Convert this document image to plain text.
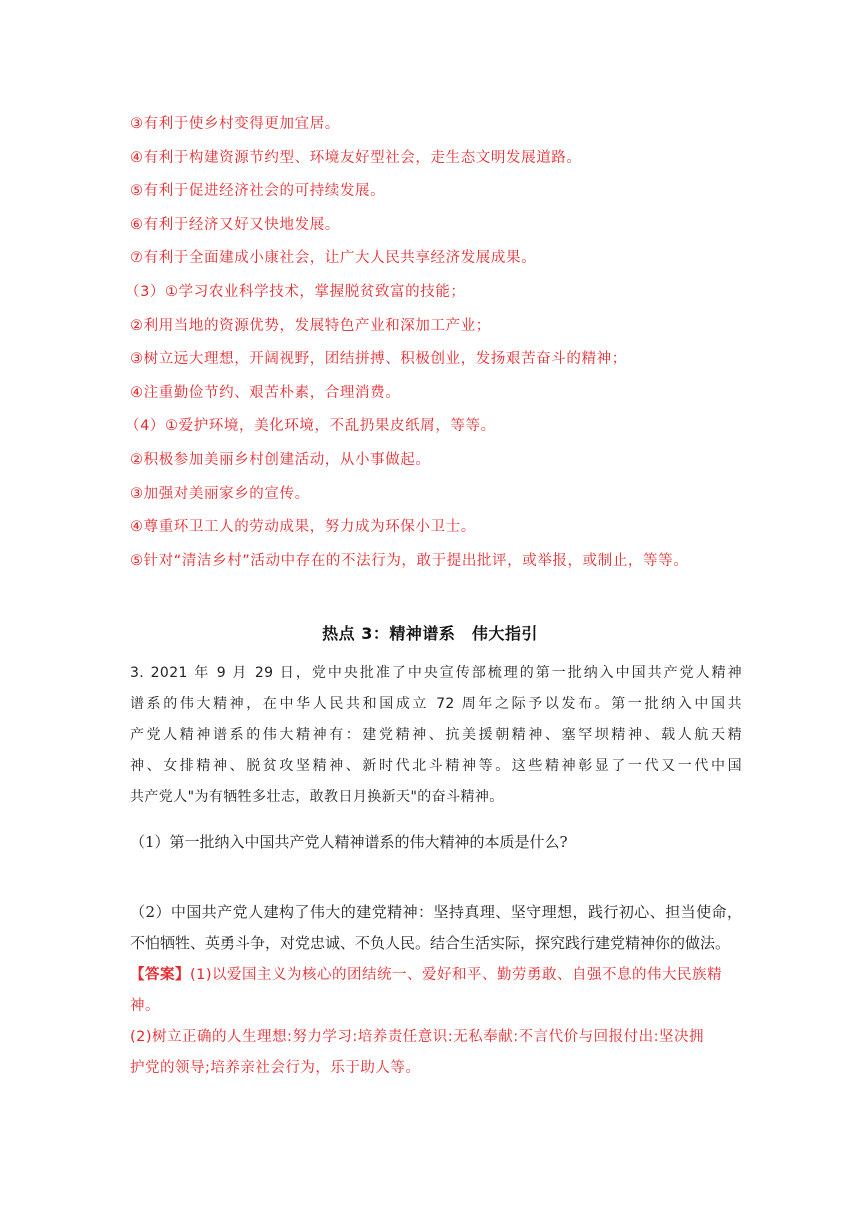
③有利于使乡村变得更加宜居。
④有利于构建资源节约型、环境友好型社会，走生态文明发展道路。
⑤有利于促进经济社会的可持续发展。
⑥有利于经济又好又快地发展。
⑦有利于全面建成小康社会，让广大人民共享经济发展成果。
（3）①学习农业科学技术，掌握脱贫致富的技能；
②利用当地的资源优势，发展特色产业和深加工产业；
③树立远大理想，开阔视野，团结拼搏、积极创业，发扬艰苦奋斗的精神；
④注重勤俭节约、艰苦朴素，合理消费。
（4）①爱护环境，美化环境，不乱扔果皮纸屑，等等。
②积极参加美丽乡村创建活动，从小事做起。
③加强对美丽家乡的宣传。
④尊重环卫工人的劳动成果，努力成为环保小卫士。
⑤针对“清洁乡村”活动中存在的不法行为，敢于提出批评，或举报，或制止，等等。
热点 3：精神谱系　伟大指引
3. 2021 年 9 月 29 日，党中央批准了中央宣传部梳理的第一批纳入中国共产党人精神
谱系的伟大精神，在中华人民共和国成立 72 周年之际予以发布。第一批纳入中国共
产党人精神谱系的伟大精神有：建党精神、抗美援朝精神、塞罕坝精神、载人航天精
神、女排精神、脱贫攻坚精神、新时代北斗精神等。这些精神彰显了一代又一代中国
共产党人"为有牺牲多壮志，敢教日月换新天"的奋斗精神。
（1）第一批纳入中国共产党人精神谱系的伟大精神的本质是什么?
（2）中国共产党人建构了伟大的建党精神：坚持真理、坚守理想，践行初心、担当使命，
不怕牺牲、英勇斗争，对党忠诚、不负人民。结合生活实际，探究践行建党精神你的做法。
【答案】(1)以爱国主义为核心的团结统一、爱好和平、勤劳勇敢、自强不息的伟大民族精
神。
(2)树立正确的人生理想:努力学习:培养责任意识:无私奉献:不言代价与回报付出:坚决拥
护党的领导;培养亲社会行为，乐于助人等。
